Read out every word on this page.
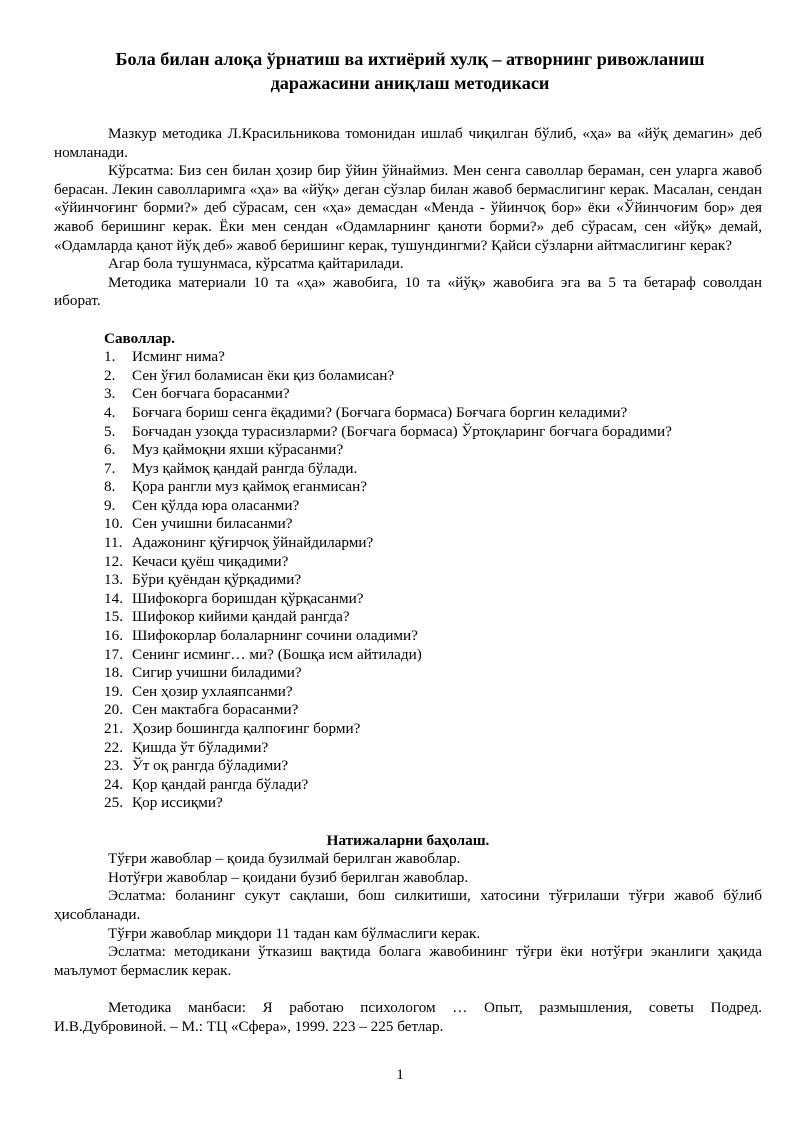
Бола билан алоқа ўрнатиш ва ихтиёрий хулқ – атворнинг ривожланиш
даражасини аниқлаш методикаси

Мазкур методика Л.Красильникова томонидан ишлаб чиқилган бўлиб, «ҳа» ва «йўқ демагин» деб номланади.

Кўрсатма: Биз сен билан ҳозир бир ўйин ўйнаймиз. Мен сенга саволлар бераман, сен уларга жавоб берасан. Лекин саволларимга «ҳа» ва «йўқ» деган сўзлар билан жавоб бермаслигинг керак. Масалан, сендан «ўйинчоғинг борми?» деб сўрасам, сен «ҳа» демасдан «Менда - ўйинчоқ бор» ёки «Ўйинчоғим бор» дея жавоб беришинг керак. Ёки мен сендан «Одамларнинг қаноти борми?» деб сўрасам, сен «йўқ» демай, «Одамларда қанот йўқ деб» жавоб беришинг керак, тушундингми? Қайси сўзларни айтмаслигинг керак?

Агар бола тушунмаса, кўрсатма қайтарилади.

Методика материали 10 та «ҳа» жавобига, 10 та «йўқ» жавобига эга ва 5 та бетараф соволдан иборат.

Саволлар.

1.	Исминг нима?
2.	Сен ўғил боламисан ёки қиз боламисан?
3.	Сен боғчага борасанми?
4.	Боғчага бориш сенга ёқадими? (Боғчага бормаса) Боғчага боргин келадими?
5.	Боғчадан узоқда турасизларми? (Боғчага бормаса) Ўртоқларинг боғчага борадими?
6.	Муз қаймоқни яхши кўрасанми?
7.	Муз қаймоқ қандай рангда бўлади.
8.	Қора рангли муз қаймоқ еганмисан?
9.	Сен қўлда юра оласанми?
10. Сен учишни биласанми?
11. Адажонинг қўғирчоқ ўйнайдиларми?
12. Кечаси қуёш чиқадими?
13. Бўри қуёндан қўрқадими?
14. Шифокорга боришдан қўрқасанми?
15. Шифокор кийими қандай рангда?
16. Шифокорлар болаларнинг сочини оладими?
17. Сенинг исминг… ми? (Бошқа исм айтилади)
18. Сигир учишни биладими?
19. Сен ҳозир ухлаяпсанми?
20. Сен мактабга борасанми?
21. Ҳозир бошингда қалпоғинг борми?
22. Қишда ўт бўладими?
23. Ўт оқ рангда бўладими?
24. Қор қандай рангда бўлади?
25. Қор иссиқми?

Натижаларни баҳолаш.

Тўғри жавоблар – қоида бузилмай берилган жавоблар.

Нотўғри жавоблар – қоидани бузиб берилган жавоблар.

Эслатма: боланинг сукут сақлаши, бош силкитиши, хатосини тўғрилаши тўғри жавоб бўлиб ҳисобланади.

Тўғри жавоблар миқдори 11 тадан кам бўлмаслиги керак.

Эслатма: методикани ўтказиш вақтида болага жавобининг тўғри ёки нотўғри эканлиги ҳақида маълумот бермаслик керак.

Методика манбаси: Я работаю психологом … Опыт, размышления, советы Подред. И.В.Дубровиной. – М.: ТЦ «Сфера», 1999. 223 – 225 бетлар.

1
